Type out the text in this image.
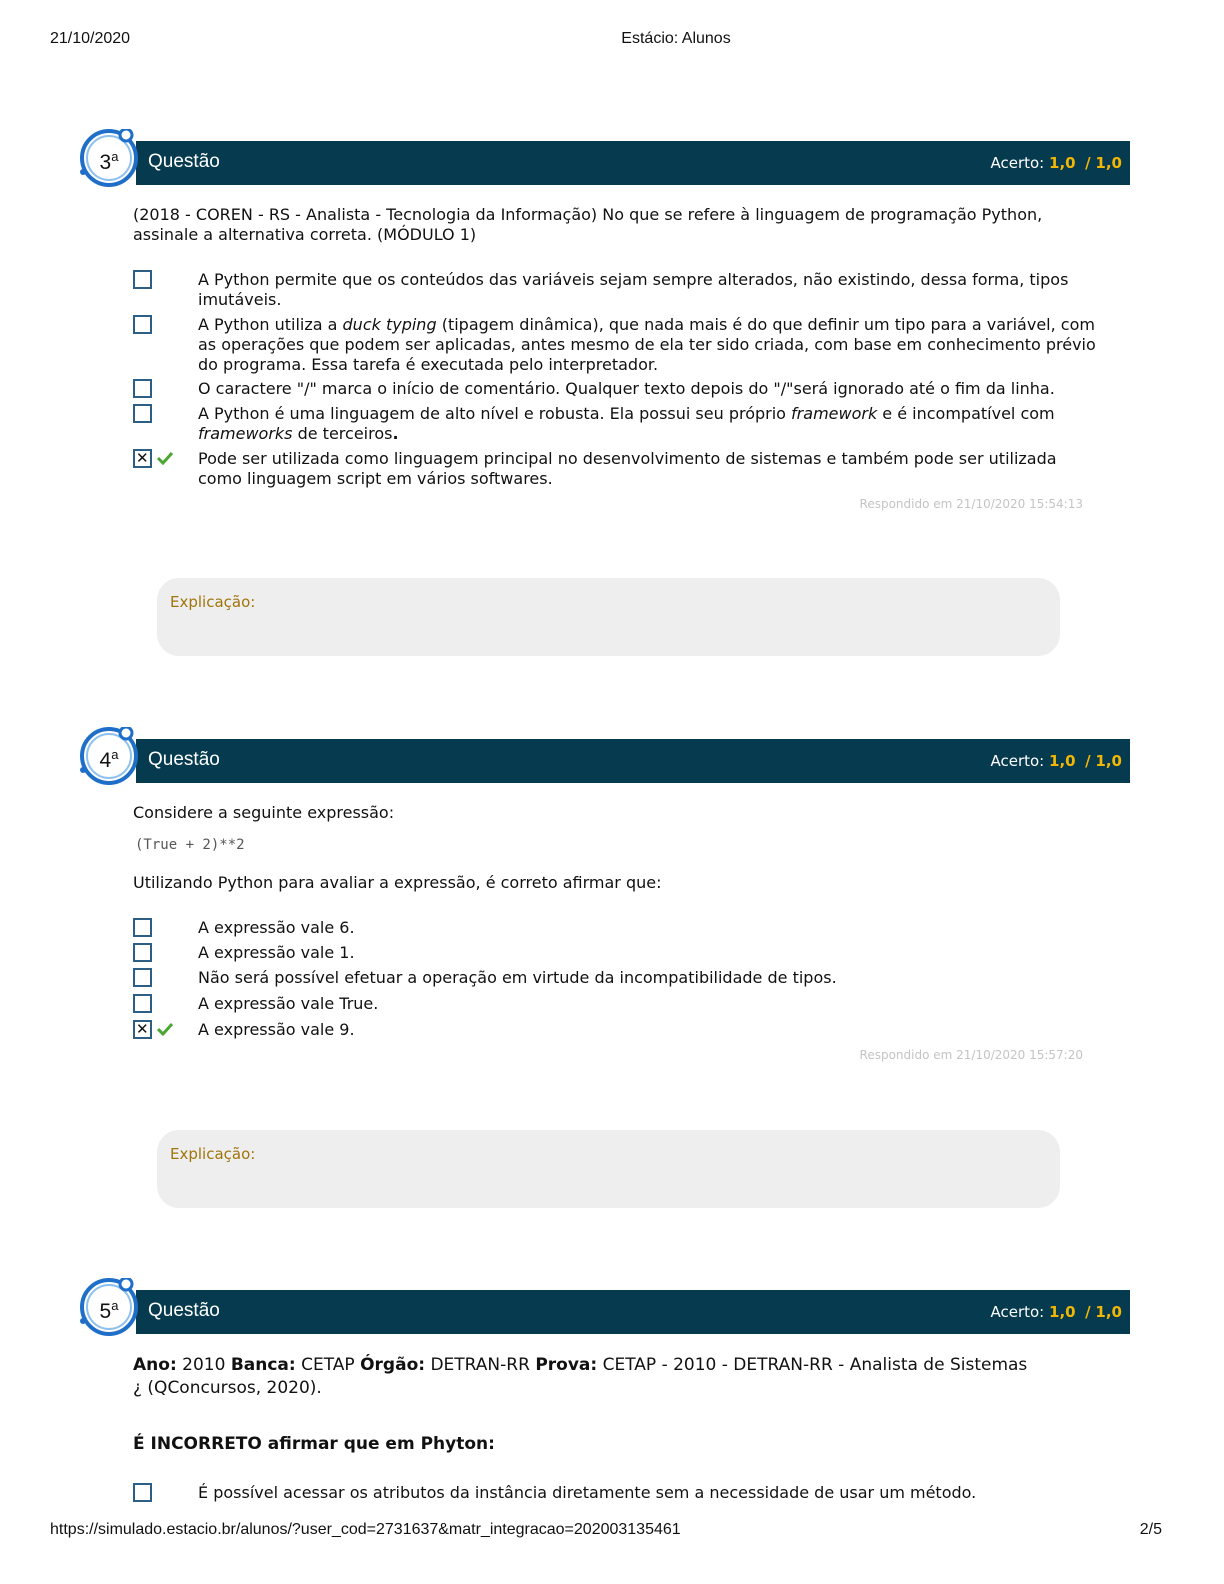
21/10/2020	Estácio: Alunos
3$^a$	Questão	Acerto: 1,0 / 1,0
(2018 - COREN - RS - Analista - Tecnologia da Informação) No que se refere à linguagem de programação Python, assinale a alternativa correta. (MÓDULO 1)
A Python permite que os conteúdos das variáveis sejam sempre alterados, não existindo, dessa forma, tipos imutáveis.
A Python utiliza a duck typing (tipagem dinâmica), que nada mais é do que definir um tipo para a variável, com as operações que podem ser aplicadas, antes mesmo de ela ter sido criada, com base em conhecimento prévio do programa. Essa tarefa é executada pelo interpretador.
O caractere "/" marca o início de comentário. Qualquer texto depois do "/"será ignorado até o fim da linha.
A Python é uma linguagem de alto nível e robusta. Ela possui seu próprio framework e é incompatível com frameworks de terceiros.
✕
Pode ser utilizada como linguagem principal no desenvolvimento de sistemas e também pode ser utilizada como linguagem script em vários softwares.
Respondido em 21/10/2020 15:54:13
Explicação:
4$^a$	Questão	Acerto: 1,0 / 1,0
Considere a seguinte expressão:
(True + 2)**2
Utilizando Python para avaliar a expressão, é correto afirmar que:
A expressão vale 6.
A expressão vale 1.
Não será possível efetuar a operação em virtude da incompatibilidade de tipos.
A expressão vale True.
✕
A expressão vale 9.
Respondido em 21/10/2020 15:57:20
Explicação:
5$^a$	Questão	Acerto: 1,0 / 1,0
Ano: 2010 Banca: CETAP Órgão: DETRAN-RR Prova: CETAP - 2010 - DETRAN-RR - Analista de Sistemas ¿ (QConcursos, 2020).
É INCORRETO afirmar que em Phyton:
É possível acessar os atributos da instância diretamente sem a necessidade de usar um método.
https://simulado.estacio.br/alunos/?user_cod=2731637&matr_integracao=202003135461	2/5
